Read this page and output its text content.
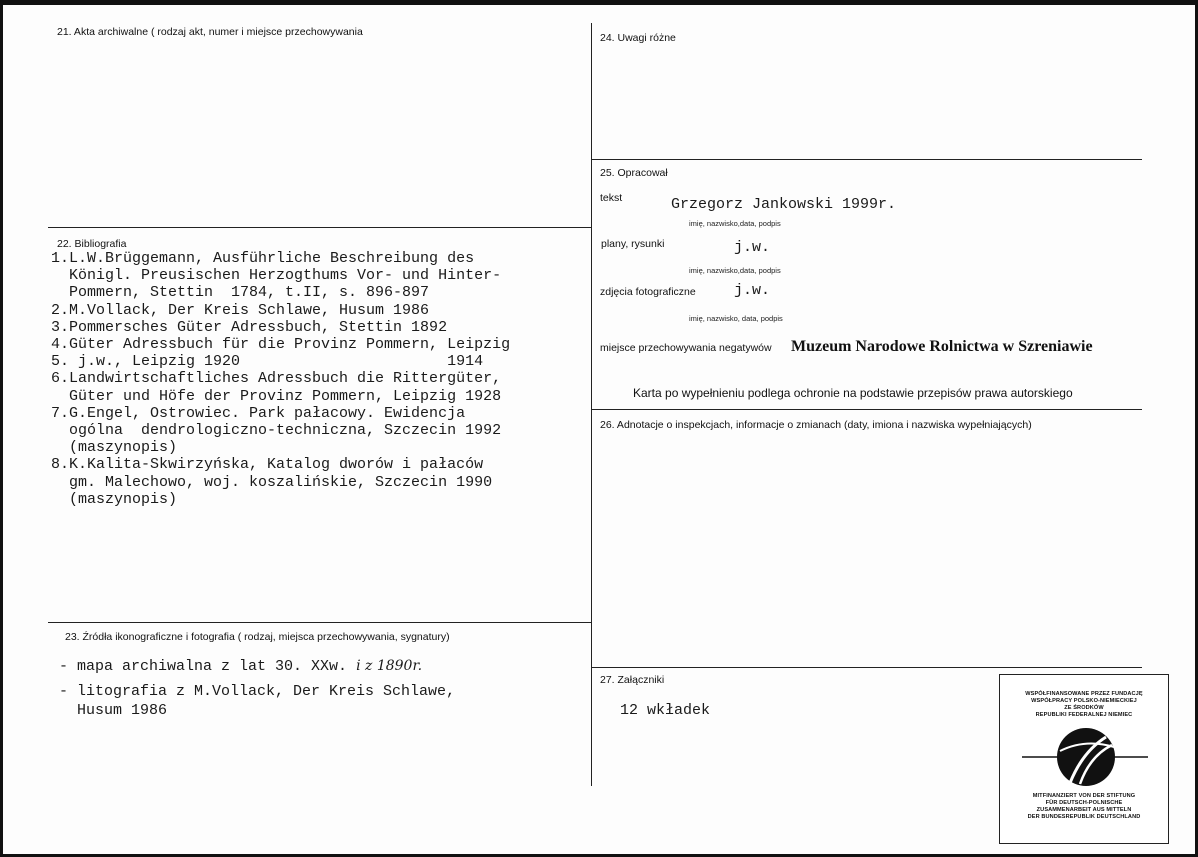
21. Akta archiwalne ( rodzaj akt, numer i miejsce przechowywania
22. Bibliografia
1.L.W.Brüggemann, Ausführliche Beschreibung des
Königl. Preusischen Herzogthums Vor- und Hinter-
Pommern, Stettin  1784, t.II, s. 896-897
2.M.Vollack, Der Kreis Schlawe, Husum 1986
3.Pommersches Güter Adressbuch, Stettin 1892
4.Güter Adressbuch für die Provinz Pommern, Leipzig
5. j.w., Leipzig 1920                       1914
6.Landwirtschaftliches Adressbuch die Rittergüter,
Güter und Höfe der Provinz Pommern, Leipzig 1928
7.G.Engel, Ostrowiec. Park pałacowy. Ewidencja
ogólna  dendrologiczno-techniczna, Szczecin 1992
(maszynopis)
8.K.Kalita-Skwirzyńska, Katalog dworów i pałaców
gm. Malechowo, woj. koszalińskie, Szczecin 1990
(maszynopis)
23. Źródła ikonograficzne i fotografia ( rodzaj, miejsca przechowywania, sygnatury)
- mapa archiwalna z lat 30. XXw. i z 1890r.
- litografia z M.Vollack, Der Kreis Schlawe,
Husum 1986
24. Uwagi różne
25. Opracował
tekst	Grzegorz Jankowski 1999r.
imię, nazwisko,data, podpis
plany, rysunki	j.w.
imię, nazwisko,data, podpis
zdjęcia fotograficzne	j.w.
imię, nazwisko, data, podpis
miejsce przechowywania negatywów Muzeum Narodowe Rolnictwa w Szreniawie
Karta po wypełnieniu podlega ochronie na podstawie przepisów prawa autorskiego
26. Adnotacje o inspekcjach, informacje o zmianach (daty, imiona i nazwiska wypełniających)
27. Załączniki
12 wkładek
WSPÓŁFINANSOWANE PRZEZ FUNDACJĘ
WSPÓŁPRACY POLSKO-NIEMIECKIEJ
ZE ŚRODKÓW
REPUBLIKI FEDERALNEJ NIEMIEC
MITFINANZIERT VON DER STIFTUNG
FÜR DEUTSCH-POLNISCHE
ZUSAMMENARBEIT AUS MITTELN
DER BUNDESREPUBLIK DEUTSCHLAND
